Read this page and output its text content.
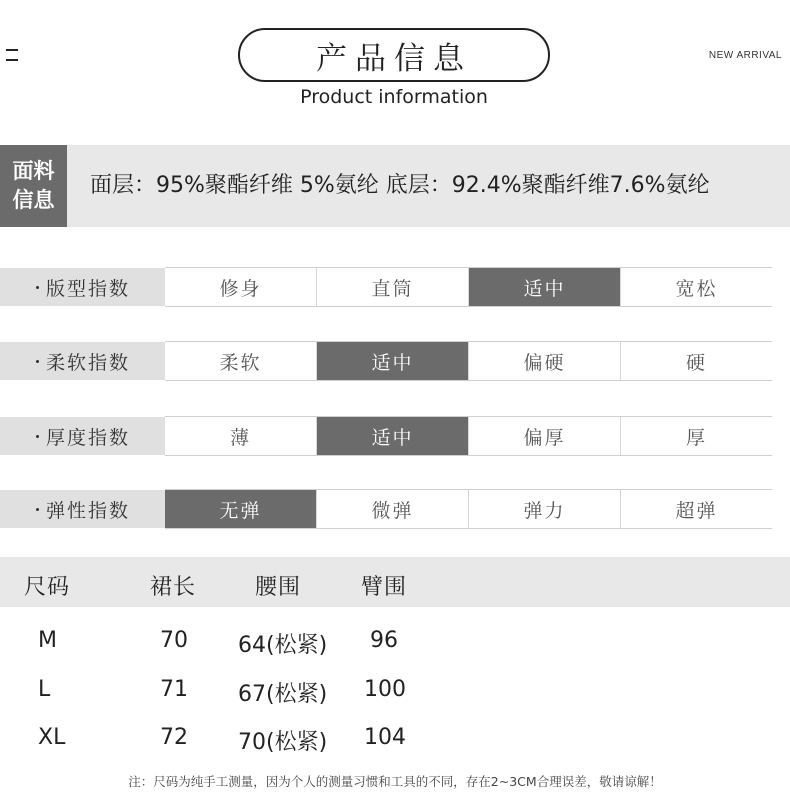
产品信息
Product information
NEW ARRIVAL
面料
信息
面层：95%聚酯纤维 5%氨纶 底层：92.4%聚酯纤维7.6%氨纶
版型指数	修身	直筒	适中	宽松
柔软指数	柔软	适中	偏硬	硬
厚度指数	薄	适中	偏厚	厚
弹性指数	无弹	微弹	弹力	超弹
尺码	裙长	腰围	臂围
M	70 64(松紧) 96
L	71 67(松紧) 100
XL	72 70(松紧) 104
注：尺码为纯手工测量，因为个人的测量习惯和工具的不同，存在2~3CM合理误差，敬请谅解！
